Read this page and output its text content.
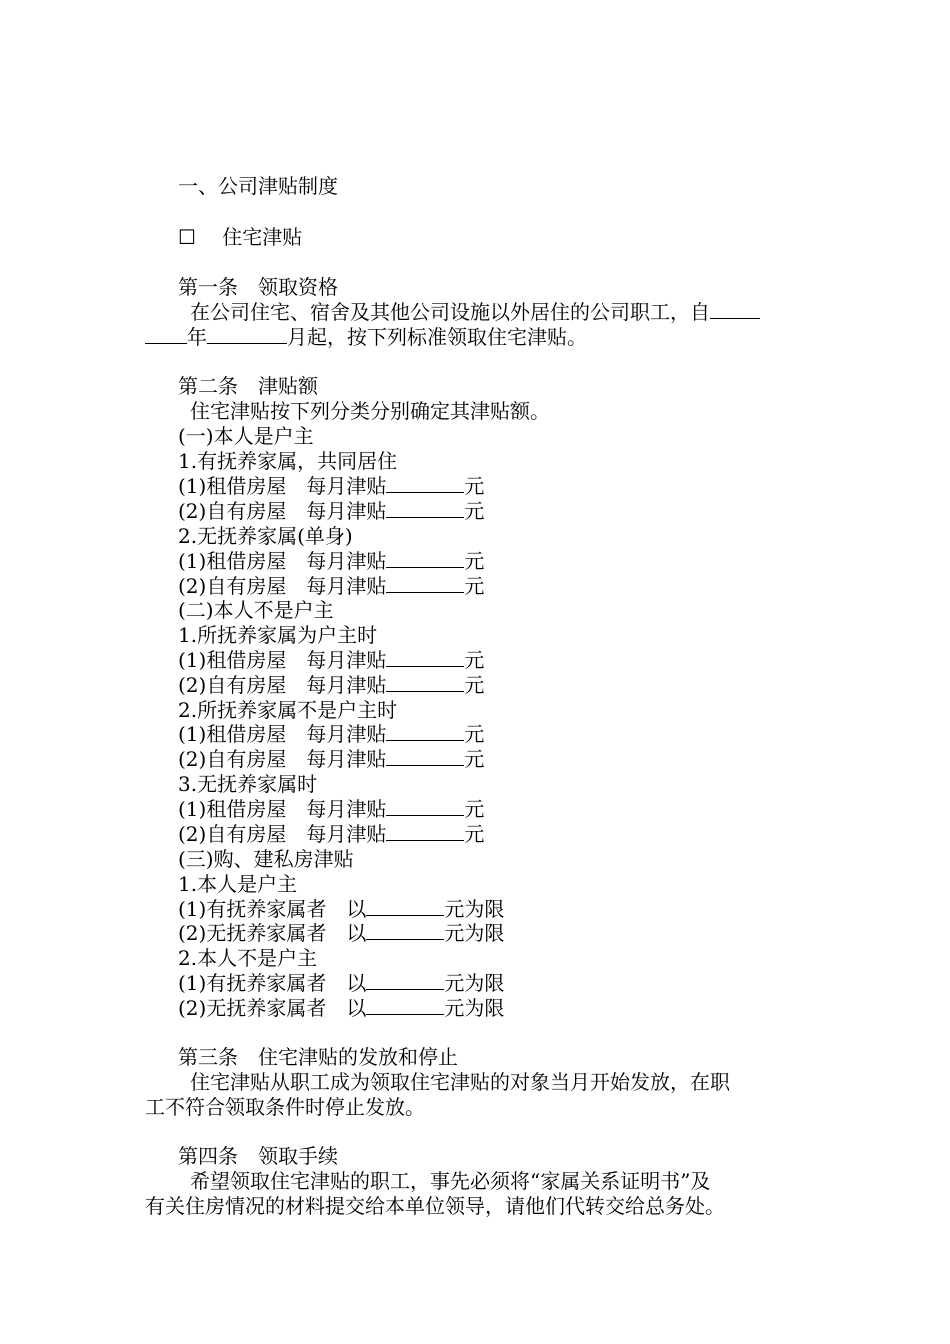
一、公司津贴制度
☐　 住宅津贴
第一条　领取资格
在公司住宅、宿舍及其他公司设施以外居住的公司职工，自
年	月起，按下列标准领取住宅津贴。
第二条　津贴额
住宅津贴按下列分类分别确定其津贴额。
(一)本人是户主
1.有抚养家属，共同居住
(1)租借房屋　每月津贴	元
(2)自有房屋　每月津贴	元
2.无抚养家属(单身)
(1)租借房屋　每月津贴	元
(2)自有房屋　每月津贴	元
(二)本人不是户主
1.所抚养家属为户主时
(1)租借房屋　每月津贴	元
(2)自有房屋　每月津贴	元
2.所抚养家属不是户主时
(1)租借房屋　每月津贴	元
(2)自有房屋　每月津贴	元
3.无抚养家属时
(1)租借房屋　每月津贴	元
(2)自有房屋　每月津贴	元
(三)购、建私房津贴
1.本人是户主
(1)有抚养家属者　以	元为限
(2)无抚养家属者　以	元为限
2.本人不是户主
(1)有抚养家属者　以	元为限
(2)无抚养家属者　以	元为限
第三条　住宅津贴的发放和停止
住宅津贴从职工成为领取住宅津贴的对象当月开始发放，在职
工不符合领取条件时停止发放。
第四条　领取手续
希望领取住宅津贴的职工，事先必须将“家属关系证明书”及
有关住房情况的材料提交给本单位领导，请他们代转交给总务处。
